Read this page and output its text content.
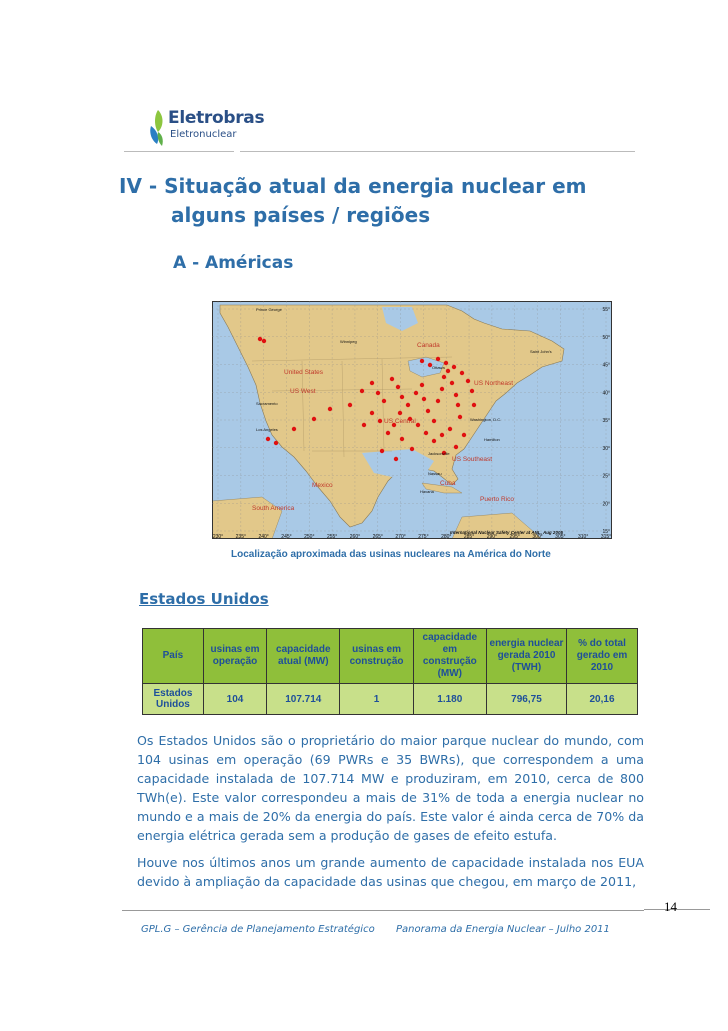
Eletrobras
Eletronuclear
IV - Situação atual da energia nuclear em
alguns países / regiões
A - Américas
Canada
United States
US West
US Northeast
US Central
US Southeast
Mexico	Cuba
Puerto Rico
South America
Hamilton
Washington, D.C.
Havana
Nassau
Ottawa
Saint John's
Prince George
Winnipeg
Sacramento
Los Angeles
Jacksonville
230° 235° 240° 245° 250° 255° 260° 265° 270° 275° 280° 285° 290° 295° 300° 305° 310° 315°
55°
50°
45°
40°
35°
30°
25°
20°
15°
International Nuclear Safety Center at ANL, Aug 2005
Localização aproximada das usinas nucleares na América do Norte
Estados Unidos
País	usinas em operação	capacidade atual (MW)	usinas em construção	capacidade em construção (MW)	energia nuclear gerada 2010 (TWH)	% do total gerado em 2010
Estados Unidos	104	107.714	1	1.180	796,75	20,16
Os Estados Unidos são o proprietário do maior parque nuclear do mundo, com 104 usinas em operação (69 PWRs e 35 BWRs), que correspondem a uma capacidade instalada de 107.714 MW e produziram, em 2010, cerca de 800 TWh(e). Este valor correspondeu a mais de 31% de toda a energia nuclear no mundo e a mais de 20% da energia do país. Este valor é ainda cerca de 70% da energia elétrica gerada sem a produção de gases de efeito estufa.
Houve nos últimos anos um grande aumento de capacidade instalada nos EUA devido à ampliação da capacidade das usinas que chegou, em março de 2011,
14
GPL.G – Gerência de Planejamento Estratégico Panorama da Energia Nuclear – Julho 2011
